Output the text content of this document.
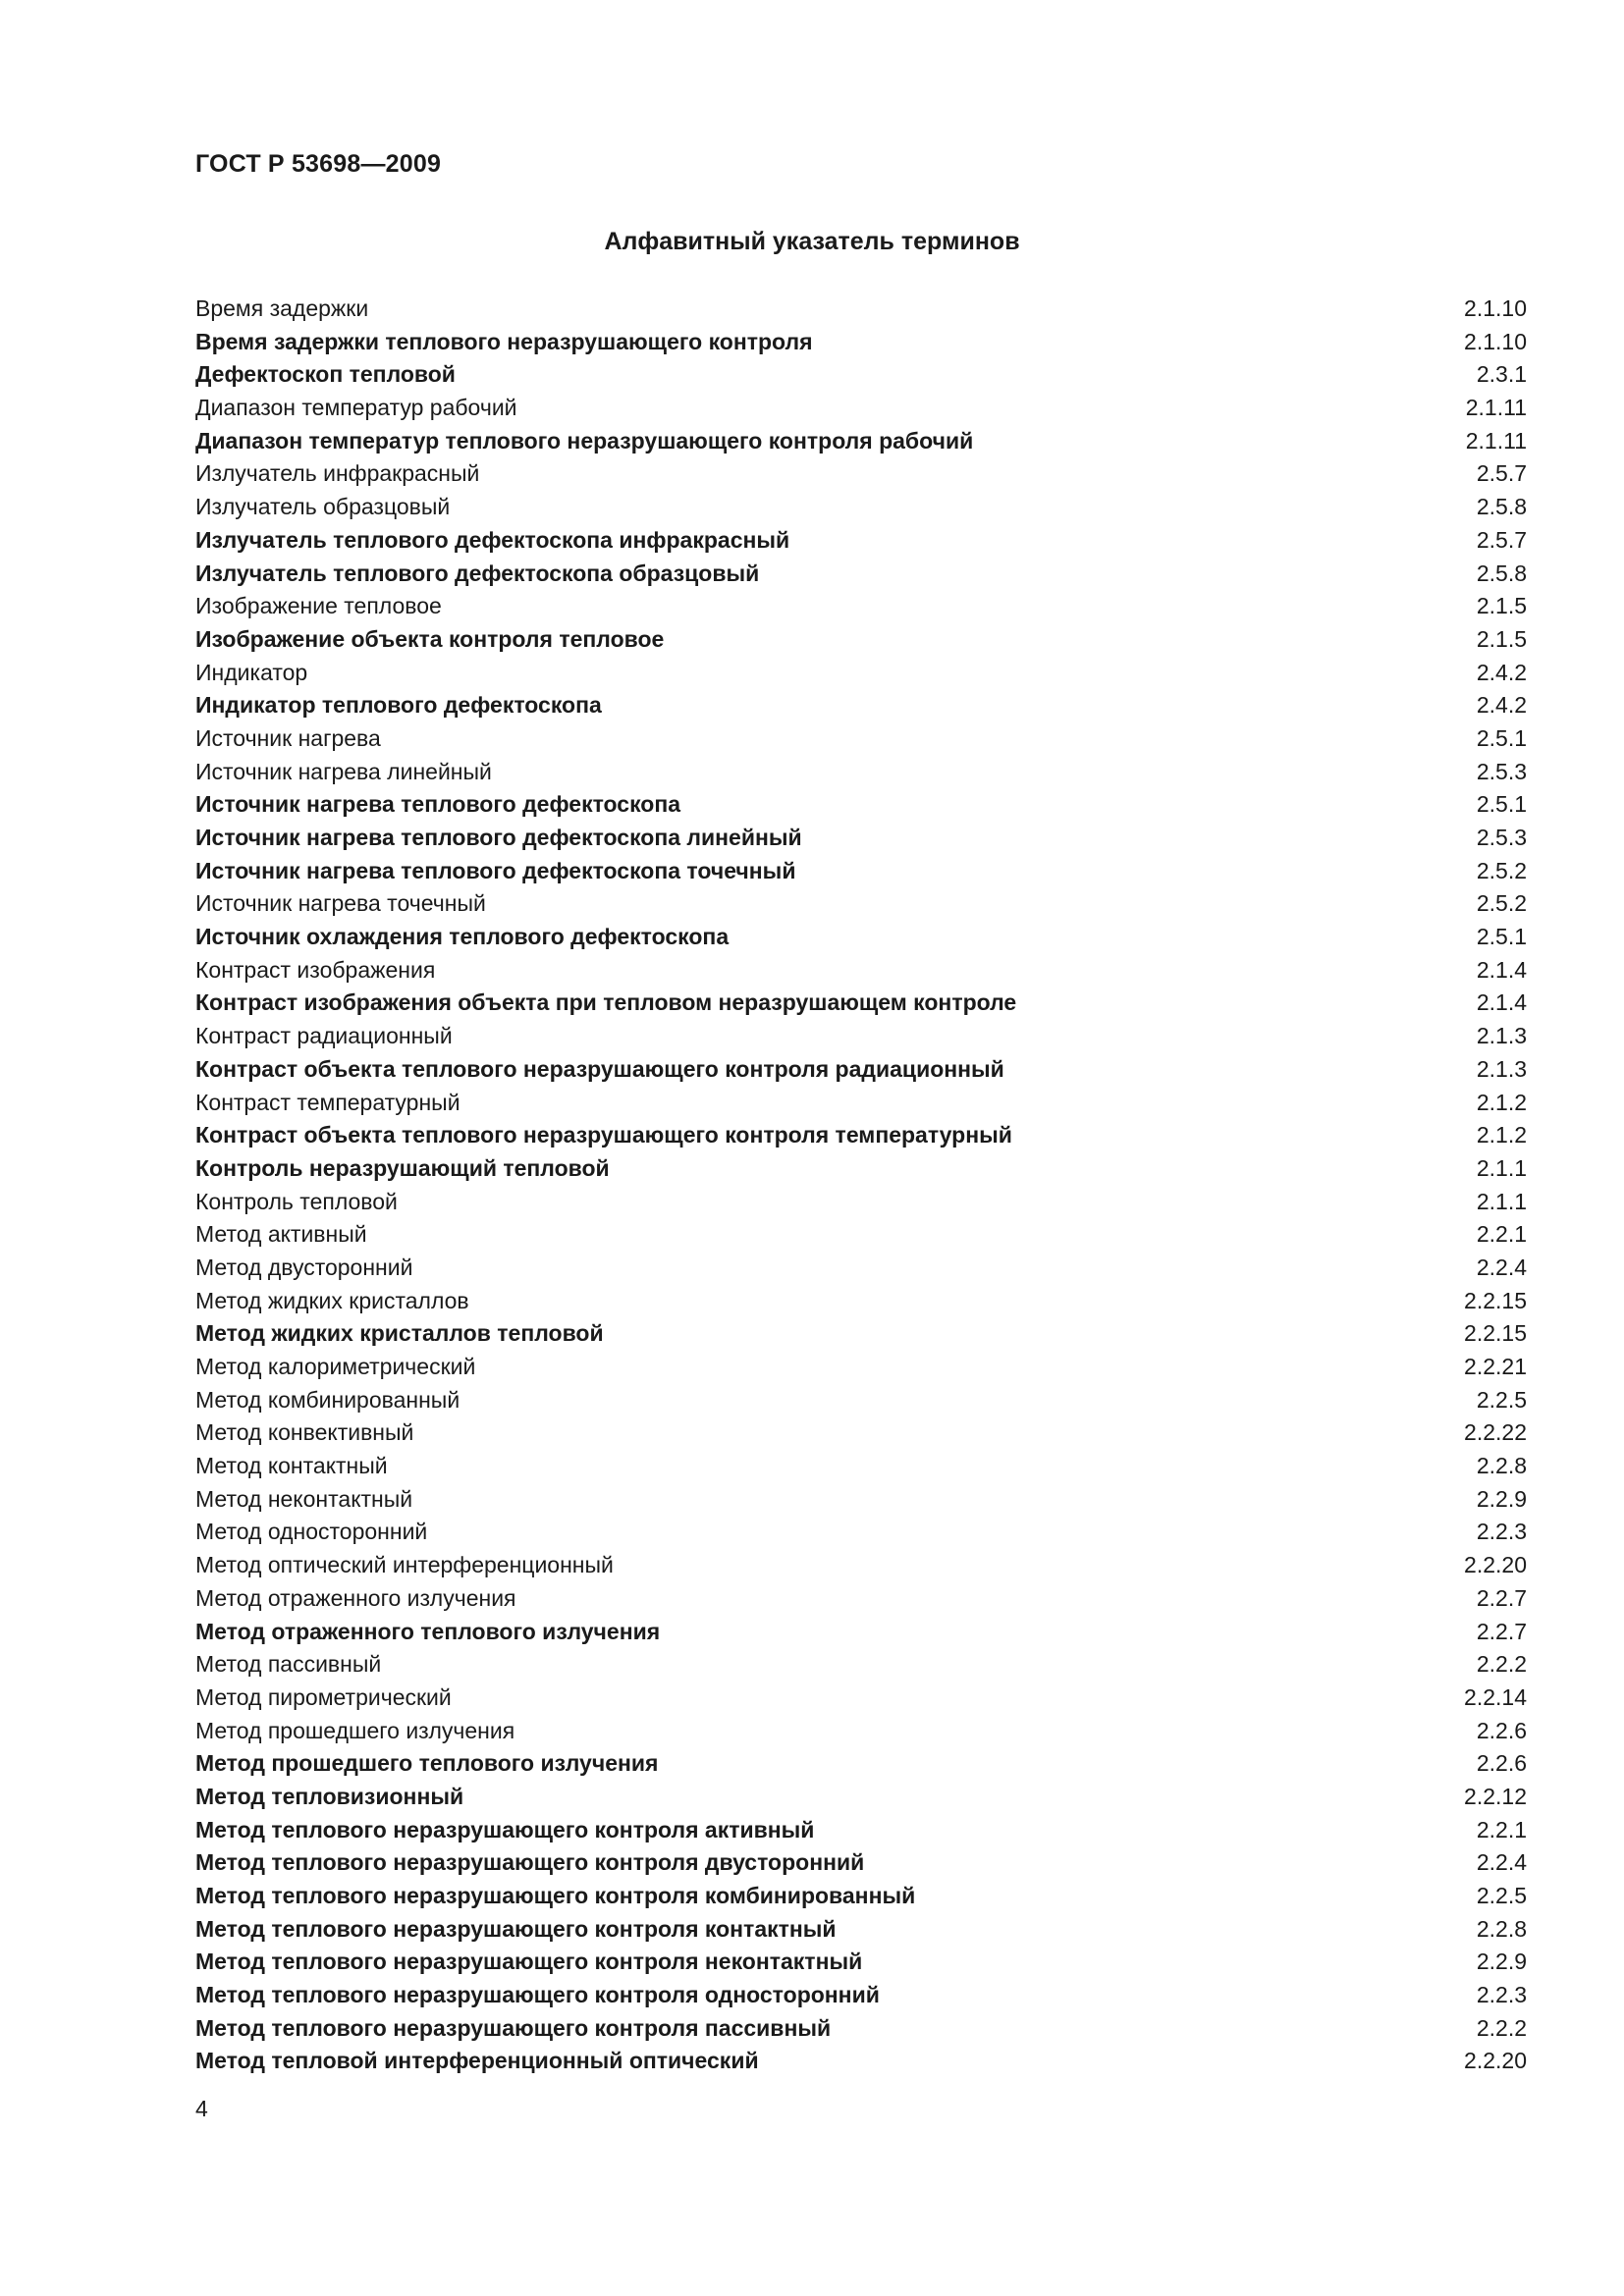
ГОСТ Р 53698—2009
Алфавитный указатель терминов
Время задержки	2.1.10
Время задержки теплового неразрушающего контроля	2.1.10
Дефектоскоп тепловой	2.3.1
Диапазон температур рабочий	2.1.11
Диапазон температур теплового неразрушающего контроля рабочий	2.1.11
Излучатель инфракрасный	2.5.7
Излучатель образцовый	2.5.8
Излучатель теплового дефектоскопа инфракрасный	2.5.7
Излучатель теплового дефектоскопа образцовый	2.5.8
Изображение тепловое	2.1.5
Изображение объекта контроля тепловое	2.1.5
Индикатор	2.4.2
Индикатор теплового дефектоскопа	2.4.2
Источник нагрева	2.5.1
Источник нагрева линейный	2.5.3
Источник нагрева теплового дефектоскопа	2.5.1
Источник нагрева теплового дефектоскопа линейный	2.5.3
Источник нагрева теплового дефектоскопа точечный	2.5.2
Источник нагрева точечный	2.5.2
Источник охлаждения теплового дефектоскопа	2.5.1
Контраст изображения	2.1.4
Контраст изображения объекта при тепловом неразрушающем контроле	2.1.4
Контраст радиационный	2.1.3
Контраст объекта теплового неразрушающего контроля радиационный	2.1.3
Контраст температурный	2.1.2
Контраст объекта теплового неразрушающего контроля температурный	2.1.2
Контроль неразрушающий тепловой	2.1.1
Контроль тепловой	2.1.1
Метод активный	2.2.1
Метод двусторонний	2.2.4
Метод жидких кристаллов	2.2.15
Метод жидких кристаллов тепловой	2.2.15
Метод калориметрический	2.2.21
Метод комбинированный	2.2.5
Метод конвективный	2.2.22
Метод контактный	2.2.8
Метод неконтактный	2.2.9
Метод односторонний	2.2.3
Метод оптический интерференционный	2.2.20
Метод отраженного излучения	2.2.7
Метод отраженного теплового излучения	2.2.7
Метод пассивный	2.2.2
Метод пирометрический	2.2.14
Метод прошедшего излучения	2.2.6
Метод прошедшего теплового излучения	2.2.6
Метод тепловизионный	2.2.12
Метод теплового неразрушающего контроля активный	2.2.1
Метод теплового неразрушающего контроля двусторонний	2.2.4
Метод теплового неразрушающего контроля комбинированный	2.2.5
Метод теплового неразрушающего контроля контактный	2.2.8
Метод теплового неразрушающего контроля неконтактный	2.2.9
Метод теплового неразрушающего контроля односторонний	2.2.3
Метод теплового неразрушающего контроля пассивный	2.2.2
Метод тепловой интерференционный оптический	2.2.20
4
